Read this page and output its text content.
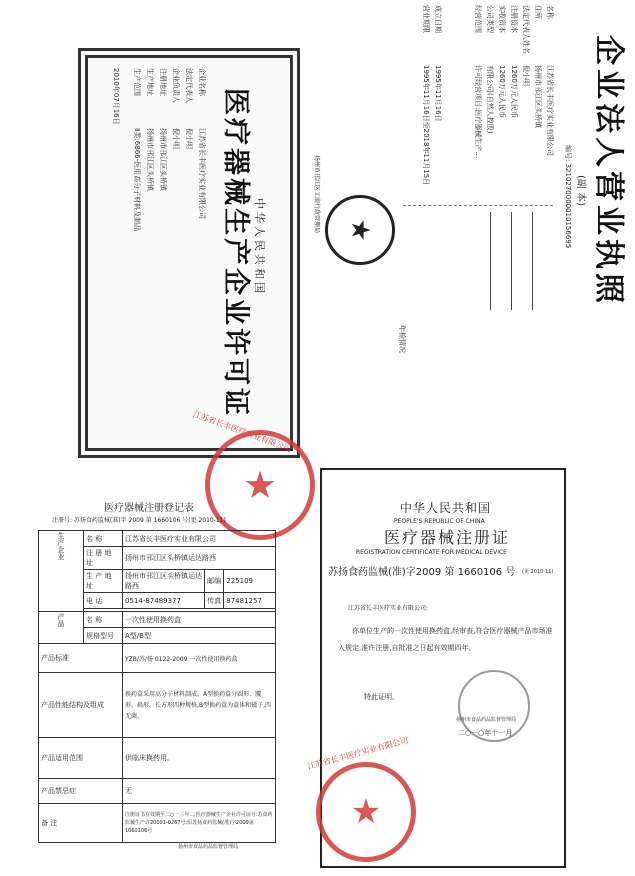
企业法人营业执照
(副 本)
编号: 3210270000010156695
名称
江苏省长丰医疗实业有限公司
住所
扬州市邗江区头桥镇
法定代表人姓名
倪小明
注册资本
1260万元人民币
实收资本
1260万元人民币
公司类型
有限公司(自然人控股)
经营范围
许可经营项目:医疗器械生产...
成立日期
1995年11月16日
营业期限
1995年11月16日至2018年11月15日
年检情况
★
扬州市邗江区工商行政管理局
中华人民共和国
医疗器械生产企业许可证
企业名称
江苏省长丰医疗实业有限公司
法定代表人
倪小明
企业负责人
倪小明
注册地址
扬州市邗江区头桥镇
生产地址
扬州市邗江区头桥镇
生产范围
Ⅱ类:6866-医用高分子材料及制品
2010年07月16日
★
江苏省长丰医疗实业有限公司
医疗器械注册登记表
注册号: 苏扬食药监械(准)字 2009 第 1660106 号(更 2010-11)
生产企业	名 称	江苏省长丰医疗实业有限公司		
	注 册 地 址	扬州市邗江区头桥镇运达路西		
	生 产 地 址	扬州市邗江区头桥镇运达路西	邮编	225109
	电 话	0514-87489377	传真	87481257

产品	名 称	一次性使用换药盒		
	规格型号	A型/B型		
产品标准		YZB/苏/扬 0122-2009 一次性使用换药盒		
产品性能结构及组成		换药盒采用高分子材料制成。A型换药盒分圆形、腰形、扁形、长方形四种规格;B型换药盒为盒体和镊子,四无菌。		
产品适用范围		供临床换药用。		
产品禁忌症		无		
备 注		注册证书有效期至二○一三年...;医疗器械生产企业许可证号:苏食药监械生产许20001-0267号;原苏扬食药监械(准)字2009第1660106号		
扬州市食品药品监督管理局
中华人民共和国
PEOPLE'S REPUBLIC OF CHINA
医疗器械注册证
REGISTRATION CERTIFICATE FOR MEDICAL DEVICE
苏扬食药监械(准)字2009 第 1660106 号 (更 2010-11)
江苏省长丰医疗实业有限公司:
你单位生产的一次性使用换药盒,经审查,符合医疗器械产品市场准入规定,准许注册,自批准之日起有效期四年。
特此证明。
扬州市食品药品监督管理局
二○一○年十一月
★
江苏省长丰医疗实业有限公司
